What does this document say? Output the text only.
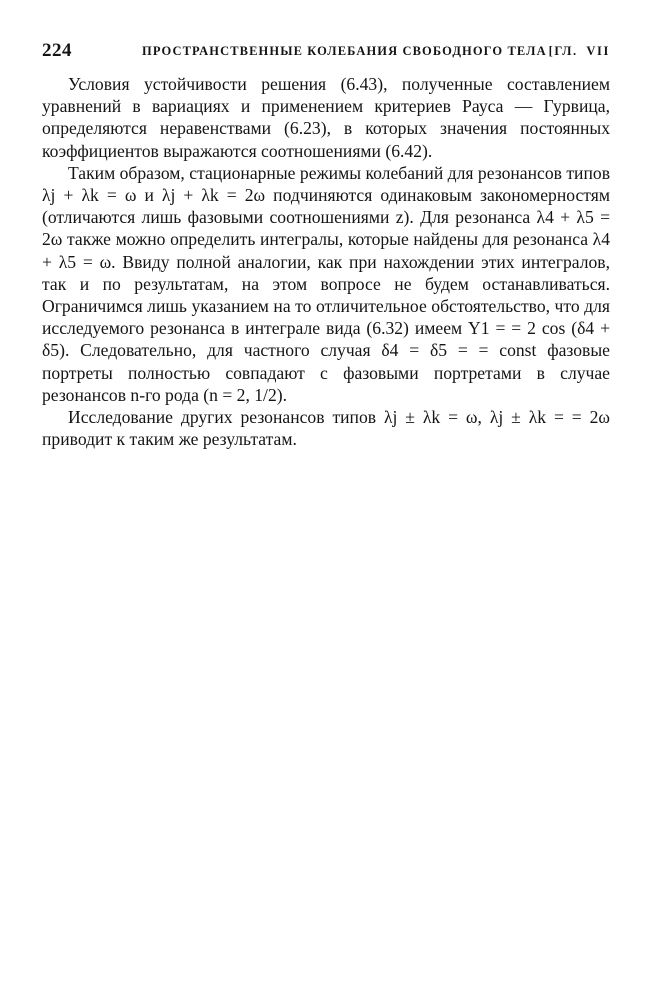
224	ПРОСТРАНСТВЕННЫЕ КОЛЕБАНИЯ СВОБОДНОГО ТЕЛА [ГЛ. VII

Условия устойчивости решения (6.43), полученные составлением уравнений в вариациях и применением критериев Рауса — Гурвица, определяются неравенствами (6.23), в которых значения постоянных коэффициентов выражаются соотношениями (6.42).

Таким образом, стационарные режимы колебаний для резонансов типов λj + λk = ω и λj + λk = 2ω подчиняются одинаковым закономерностям (отличаются лишь фазовыми соотношениями z). Для резонанса λ4 + λ5 = 2ω также можно определить интегралы, которые найдены для резонанса λ4 + λ5 = ω. Ввиду полной аналогии, как при нахождении этих интегралов, так и по результатам, на этом вопросе не будем останавливаться. Ограничимся лишь указанием на то отличительное обстоятельство, что для исследуемого резонанса в интеграле вида (6.32) имеем Y1 = = 2 cos (δ4 + δ5). Следовательно, для частного случая δ4 = δ5 = = const фазовые портреты полностью совпадают с фазовыми портретами в случае резонансов n-го рода (n = 2, 1/2).

Исследование других резонансов типов λj ± λk = ω, λj ± λk = = 2ω приводит к таким же результатам.
